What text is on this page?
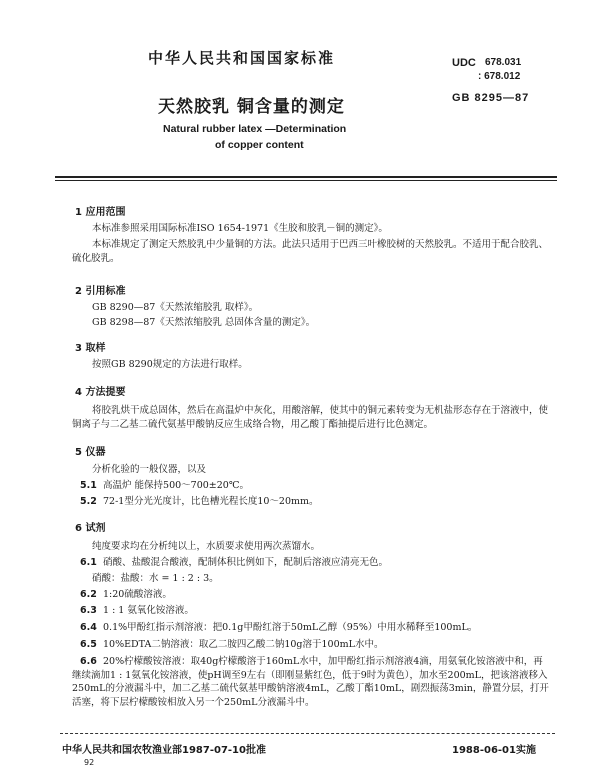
中华人民共和国国家标准	UDC 678.031
: 678.012
GB 8295—87
天然胶乳 铜含量的测定
Natural rubber latex —Determination
of copper content
1 应用范围
本标准参照采用国际标准ISO 1654-1971《生胶和胶乳－铜的测定》。
本标准规定了测定天然胶乳中少量铜的方法。此法只适用于巴西三叶橡胶树的天然胶乳。不适用于配合胶乳、硫化胶乳。
2 引用标准
GB 8290—87《天然浓缩胶乳 取样》。
GB 8298—87《天然浓缩胶乳 总固体含量的测定》。
3 取样
按照GB 8290规定的方法进行取样。
4 方法提要
将胶乳烘干成总固体，然后在高温炉中灰化，用酸溶解，使其中的铜元素转变为无机盐形态存在于溶液中，使铜离子与二乙基二硫代氨基甲酸钠反应生成络合物，用乙酸丁酯抽提后进行比色测定。
5 仪器
分析化验的一般仪器，以及
5.1 高温炉 能保持500～700±20℃。
5.2 72-1型分光光度计，比色槽光程长度10～20mm。
6 试剂
纯度要求均在分析纯以上，水质要求使用两次蒸馏水。
6.1 硝酸、盐酸混合酸液，配制体积比例如下，配制后溶液应清亮无色。
硝酸：盐酸：水 = 1 : 2 : 3。
6.2 1:20硫酸溶液。
6.3 1 : 1 氨氧化铵溶液。
6.4 0.1%甲酚红指示剂溶液：把0.1g甲酚红溶于50mL乙醇（95%）中用水稀释至100mL。
6.5 10%EDTA二钠溶液：取乙二胺四乙酸二钠10g溶于100mL水中。
6.6 20%柠檬酸铵溶液：取40g柠檬酸溶于160mL水中，加甲酚红指示剂溶液4滴，用氨氧化铵溶液中和，再继续滴加1 : 1氨氧化铵溶液，使pH调至9左右（即刚显紫红色，低于9时为黄色），加水至200mL，把该溶液移入250mL的分液漏斗中，加二乙基二硫代氨基甲酸钠溶液4mL，乙酸丁酯10mL，剧烈振荡3min，静置分层，打开活塞，将下层柠檬酸铵相放入另一个250mL分液漏斗中。
中华人民共和国农牧渔业部1987-07-10批准	1988-06-01实施
92
